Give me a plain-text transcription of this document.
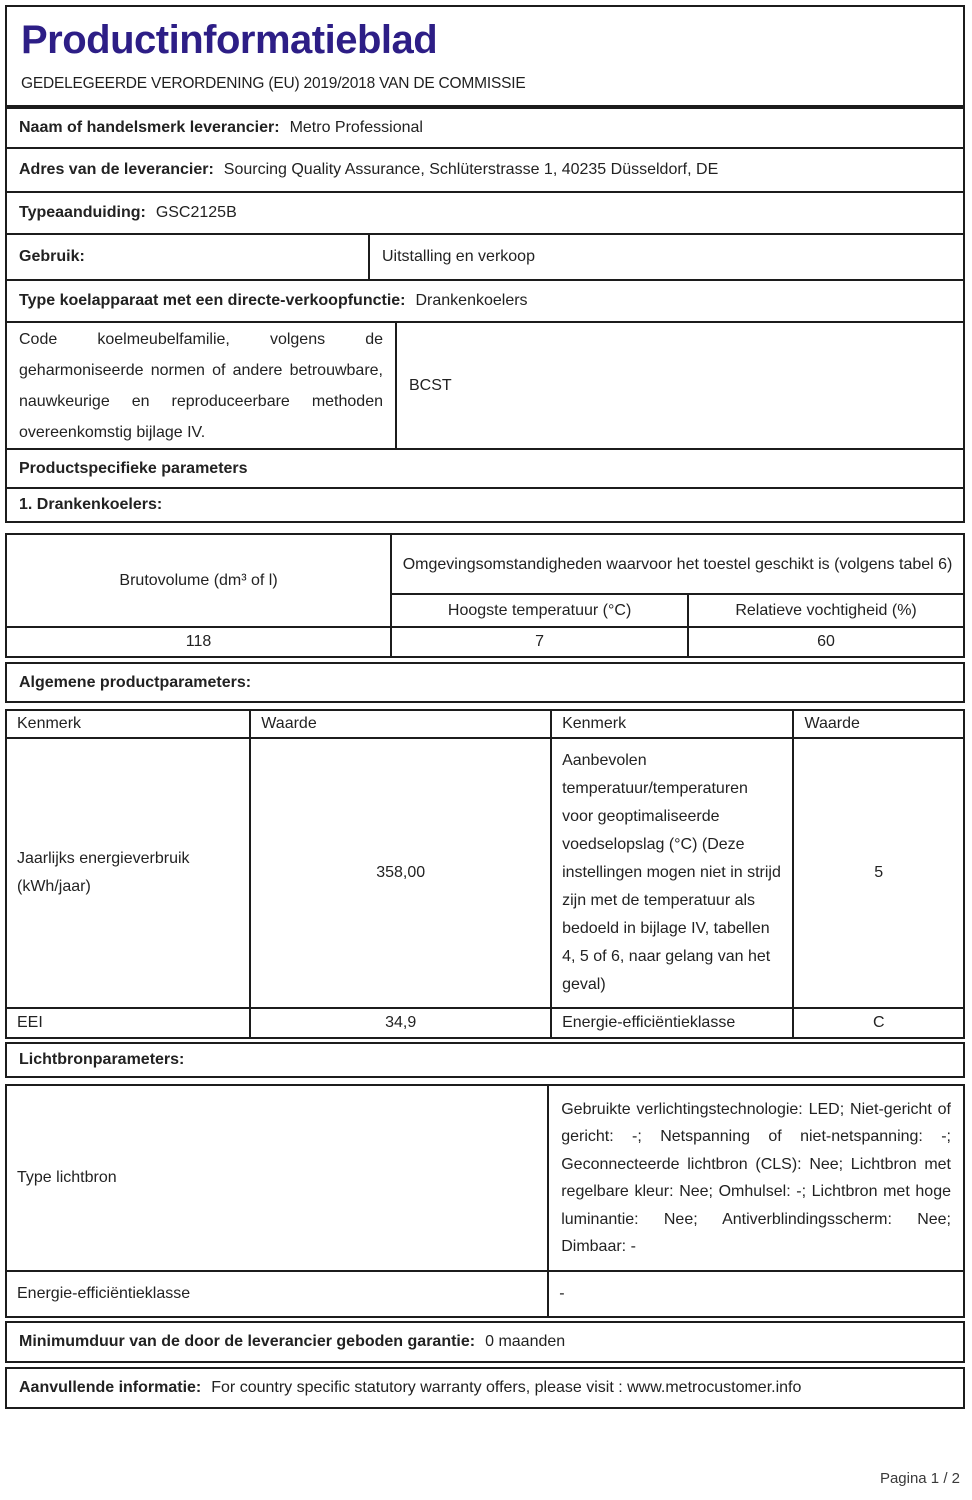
Productinformatieblad
GEDELEGEERDE VERORDENING (EU) 2019/2018 VAN DE COMMISSIE
Naam of handelsmerk leverancier: Metro Professional
Adres van de leverancier: Sourcing Quality Assurance, Schlüterstrasse 1, 40235 Düsseldorf, DE
Typeaanduiding: GSC2125B
Gebruik:	Uitstalling en verkoop
Type koelapparaat met een directe-verkoopfunctie: Drankenkoelers
Code koelmeubelfamilie, volgens de geharmoniseerde normen of andere betrouwbare, nauwkeurige en reproduceerbare methoden overeenkomstig bijlage IV.
BCST
Productspecifieke parameters
1. Drankenkoelers:
Brutovolume (dm³ of l)	Omgevingsomstandigheden waarvoor het toestel geschikt is (volgens tabel 6)	
	Hoogste temperatuur (°C)	Relatieve vochtigheid (%)
118	7	60
Algemene productparameters:
Kenmerk	Waarde	Kenmerk	Waarde
Jaarlijks energieverbruik (kWh/jaar)	358,00	Aanbevolen temperatuur/temperaturen voor geoptimaliseerde voedselopslag (°C) (Deze instellingen mogen niet in strijd zijn met de temperatuur als bedoeld in bijlage IV, tabellen 4, 5 of 6, naar gelang van het geval)	5
EEI	34,9	Energie-efficiëntieklasse	C
Lichtbronparameters:
Type lichtbron	Gebruikte verlichtingstechnologie: LED; Niet-gericht of gericht: -; Netspanning of niet-netspanning: -; Geconnecteerde lichtbron (CLS): Nee; Lichtbron met regelbare kleur: Nee; Omhulsel: -; Lichtbron met hoge luminantie: Nee; Antiverblindingsscherm: Nee; Dimbaar: -
Energie-efficiëntieklasse	-
Minimumduur van de door de leverancier geboden garantie: 0 maanden
Aanvullende informatie: For country specific statutory warranty offers, please visit : www.metrocustomer.info
Pagina 1 / 2
